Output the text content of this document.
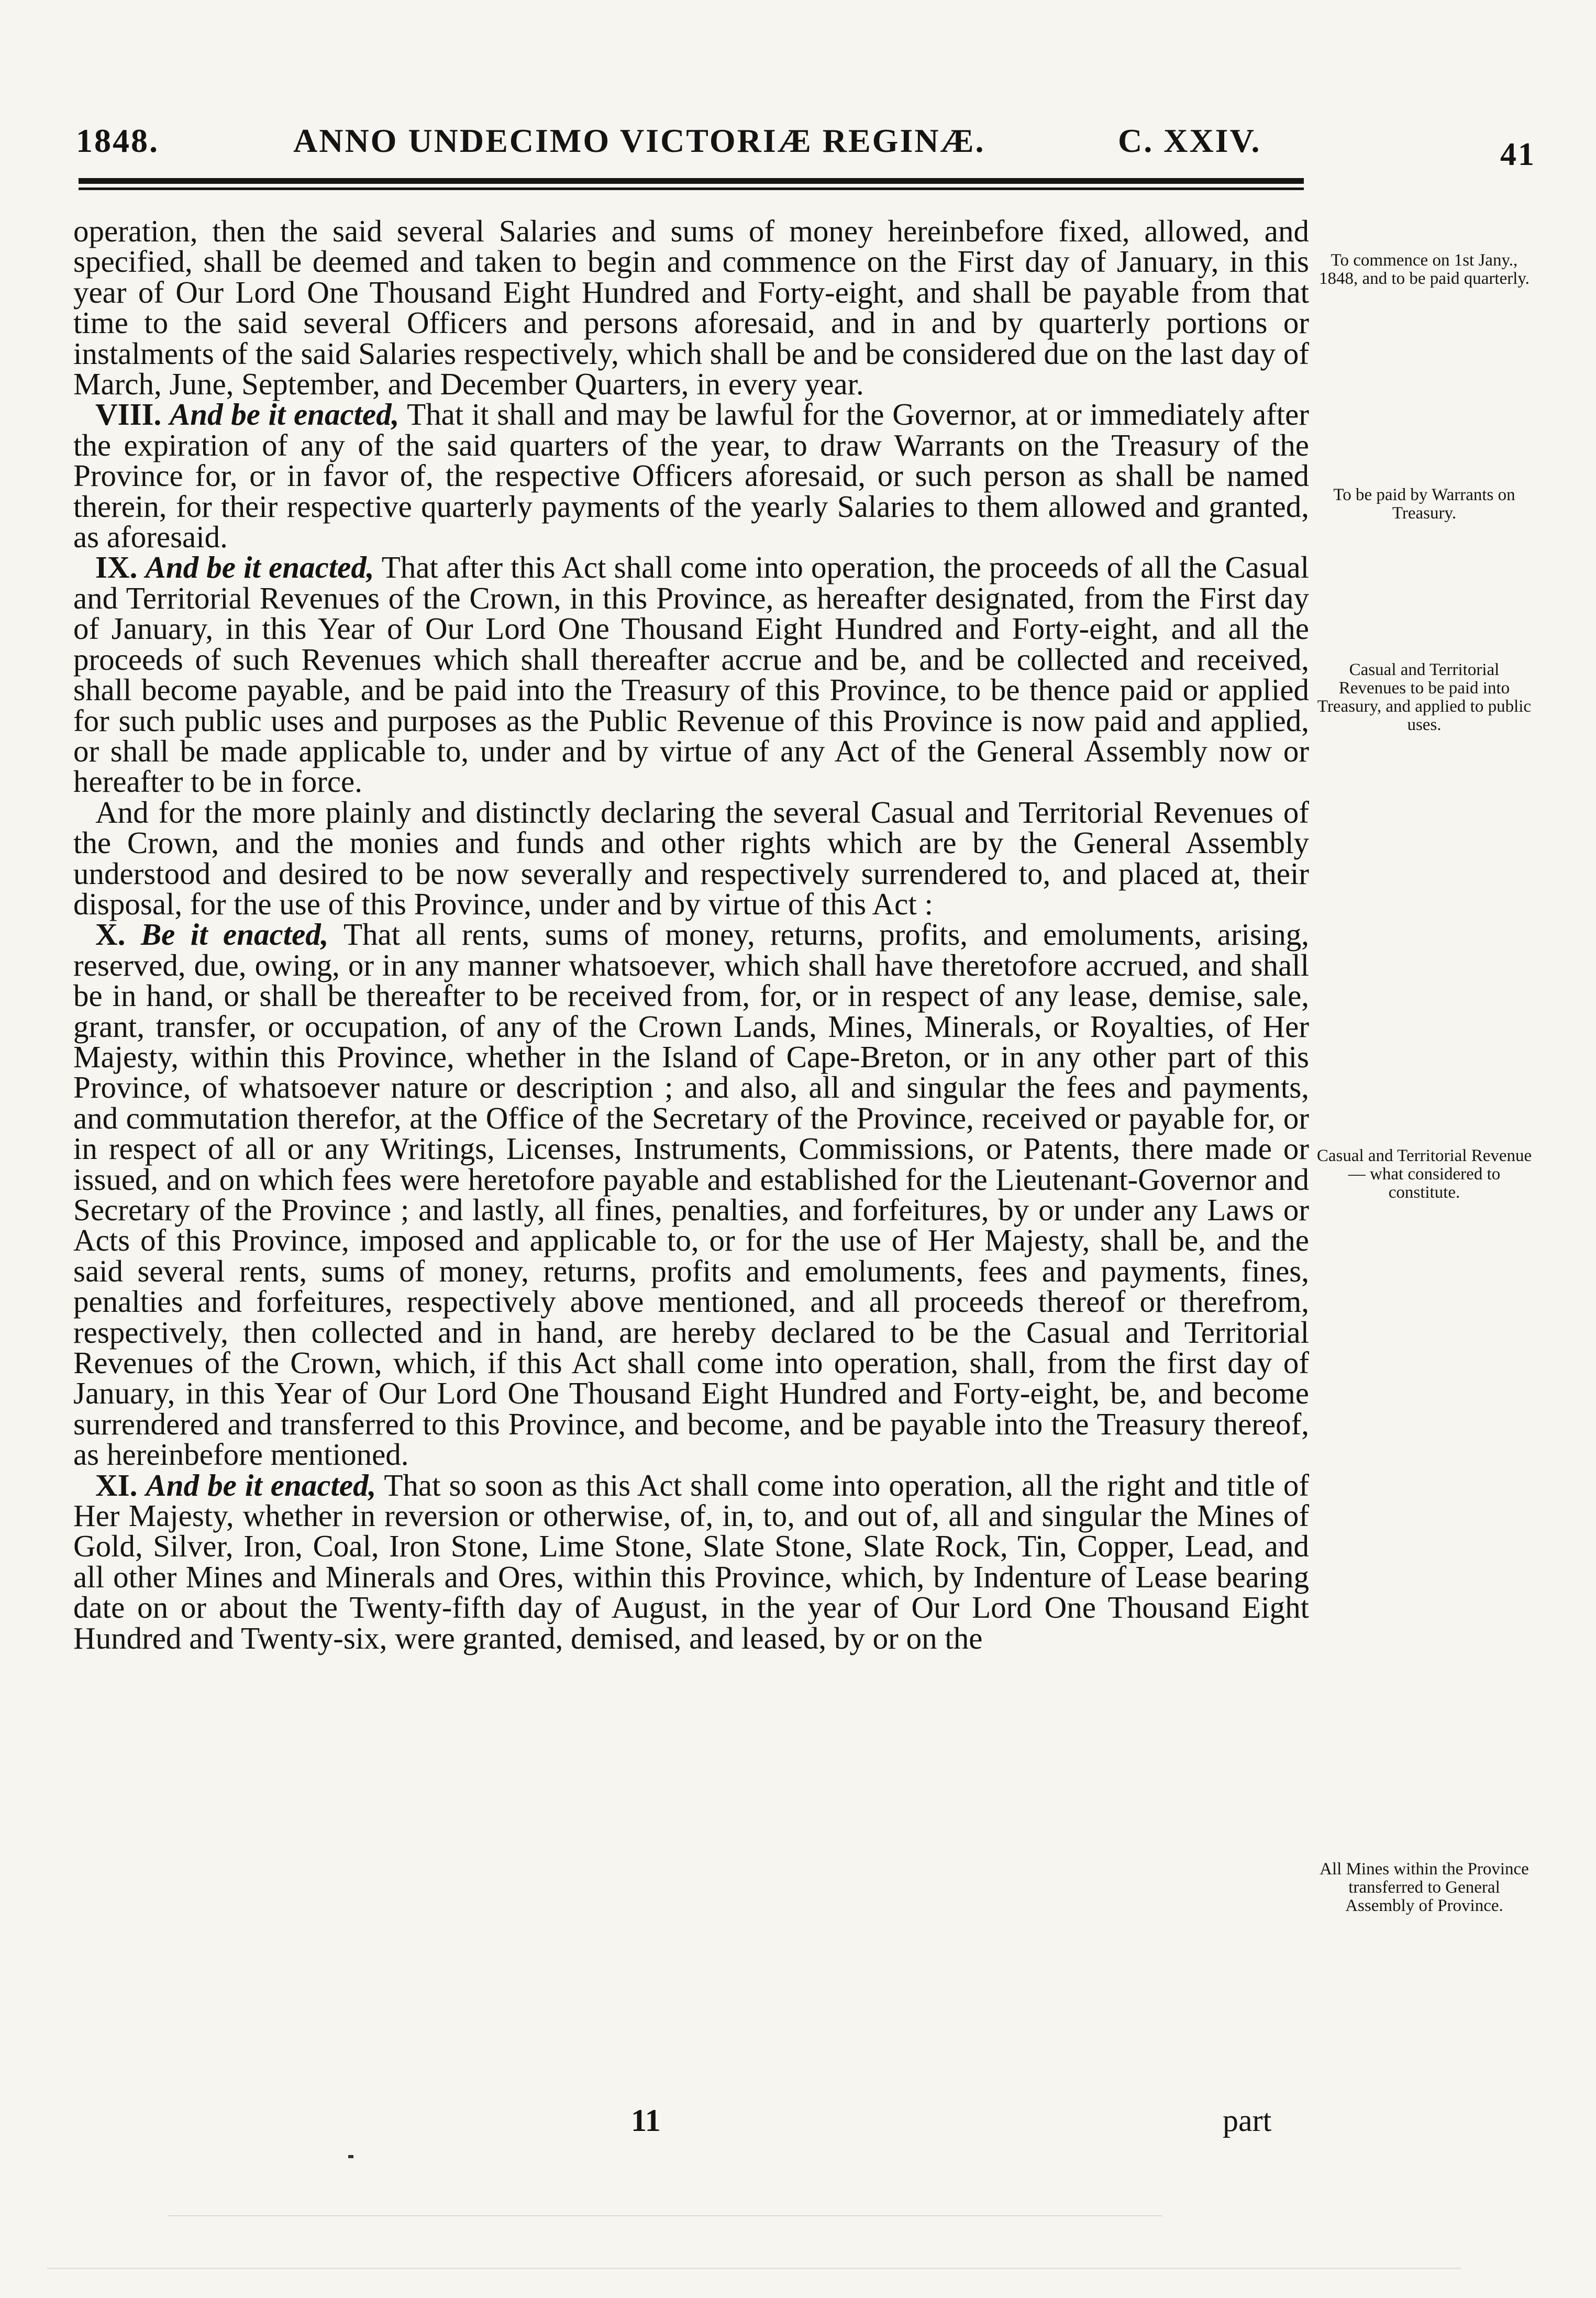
1848.	ANNO UNDECIMO VICTORIÆ REGINÆ.	C. XXIV.	41

operation, then the said several Salaries and sums of money hereinbefore fixed, allowed, and specified, shall be deemed and taken to begin and commence on the First day of January, in this year of Our Lord One Thousand Eight Hundred and Forty-eight, and shall be payable from that time to the said several Officers and persons aforesaid, and in and by quarterly portions or instalments of the said Salaries respectively, which shall be and be considered due on the last day of March, June, September, and December Quarters, in every year.

VIII. And be it enacted, That it shall and may be lawful for the Governor, at or immediately after the expiration of any of the said quarters of the year, to draw Warrants on the Treasury of the Province for, or in favor of, the respective Officers aforesaid, or such person as shall be named therein, for their respective quarterly payments of the yearly Salaries to them allowed and granted, as aforesaid.

IX. And be it enacted, That after this Act shall come into operation, the proceeds of all the Casual and Territorial Revenues of the Crown, in this Province, as hereafter designated, from the First day of January, in this Year of Our Lord One Thousand Eight Hundred and Forty-eight, and all the proceeds of such Revenues which shall thereafter accrue and be, and be collected and received, shall become payable, and be paid into the Treasury of this Province, to be thence paid or applied for such public uses and purposes as the Public Revenue of this Province is now paid and applied, or shall be made applicable to, under and by virtue of any Act of the General Assembly now or hereafter to be in force.

And for the more plainly and distinctly declaring the several Casual and Territorial Revenues of the Crown, and the monies and funds and other rights which are by the General Assembly understood and desired to be now severally and respectively surrendered to, and placed at, their disposal, for the use of this Province, under and by virtue of this Act :

X. Be it enacted, That all rents, sums of money, returns, profits, and emoluments, arising, reserved, due, owing, or in any manner whatsoever, which shall have theretofore accrued, and shall be in hand, or shall be thereafter to be received from, for, or in respect of any lease, demise, sale, grant, transfer, or occupation, of any of the Crown Lands, Mines, Minerals, or Royalties, of Her Majesty, within this Province, whether in the Island of Cape-Breton, or in any other part of this Province, of whatsoever nature or description ; and also, all and singular the fees and payments, and commutation therefor, at the Office of the Secretary of the Province, received or payable for, or in respect of all or any Writings, Licenses, Instruments, Commissions, or Patents, there made or issued, and on which fees were heretofore payable and established for the Lieutenant-Governor and Secretary of the Province ; and lastly, all fines, penalties, and forfeitures, by or under any Laws or Acts of this Province, imposed and applicable to, or for the use of Her Majesty, shall be, and the said several rents, sums of money, returns, profits and emoluments, fees and payments, fines, penalties and forfeitures, respectively above mentioned, and all proceeds thereof or therefrom, respectively, then collected and in hand, are hereby declared to be the Casual and Territorial Revenues of the Crown, which, if this Act shall come into operation, shall, from the first day of January, in this Year of Our Lord One Thousand Eight Hundred and Forty-eight, be, and become surrendered and transferred to this Province, and become, and be payable into the Treasury thereof, as hereinbefore mentioned.

XI. And be it enacted, That so soon as this Act shall come into operation, all the right and title of Her Majesty, whether in reversion or otherwise, of, in, to, and out of, all and singular the Mines of Gold, Silver, Iron, Coal, Iron Stone, Lime Stone, Slate Stone, Slate Rock, Tin, Copper, Lead, and all other Mines and Minerals and Ores, within this Province, which, by Indenture of Lease bearing date on or about the Twenty-fifth day of August, in the year of Our Lord One Thousand Eight Hundred and Twenty-six, were granted, demised, and leased, by or on the

To commence on 1st Jany., 1848, and to be paid quarterly.
To be paid by Warrants on Treasury.
Casual and Territorial Revenues to be paid into Treasury, and applied to public uses.
Casual and Territorial Revenue— what considered to constitute.
All Mines within the Province transferred to General Assembly of Province.
11	part
